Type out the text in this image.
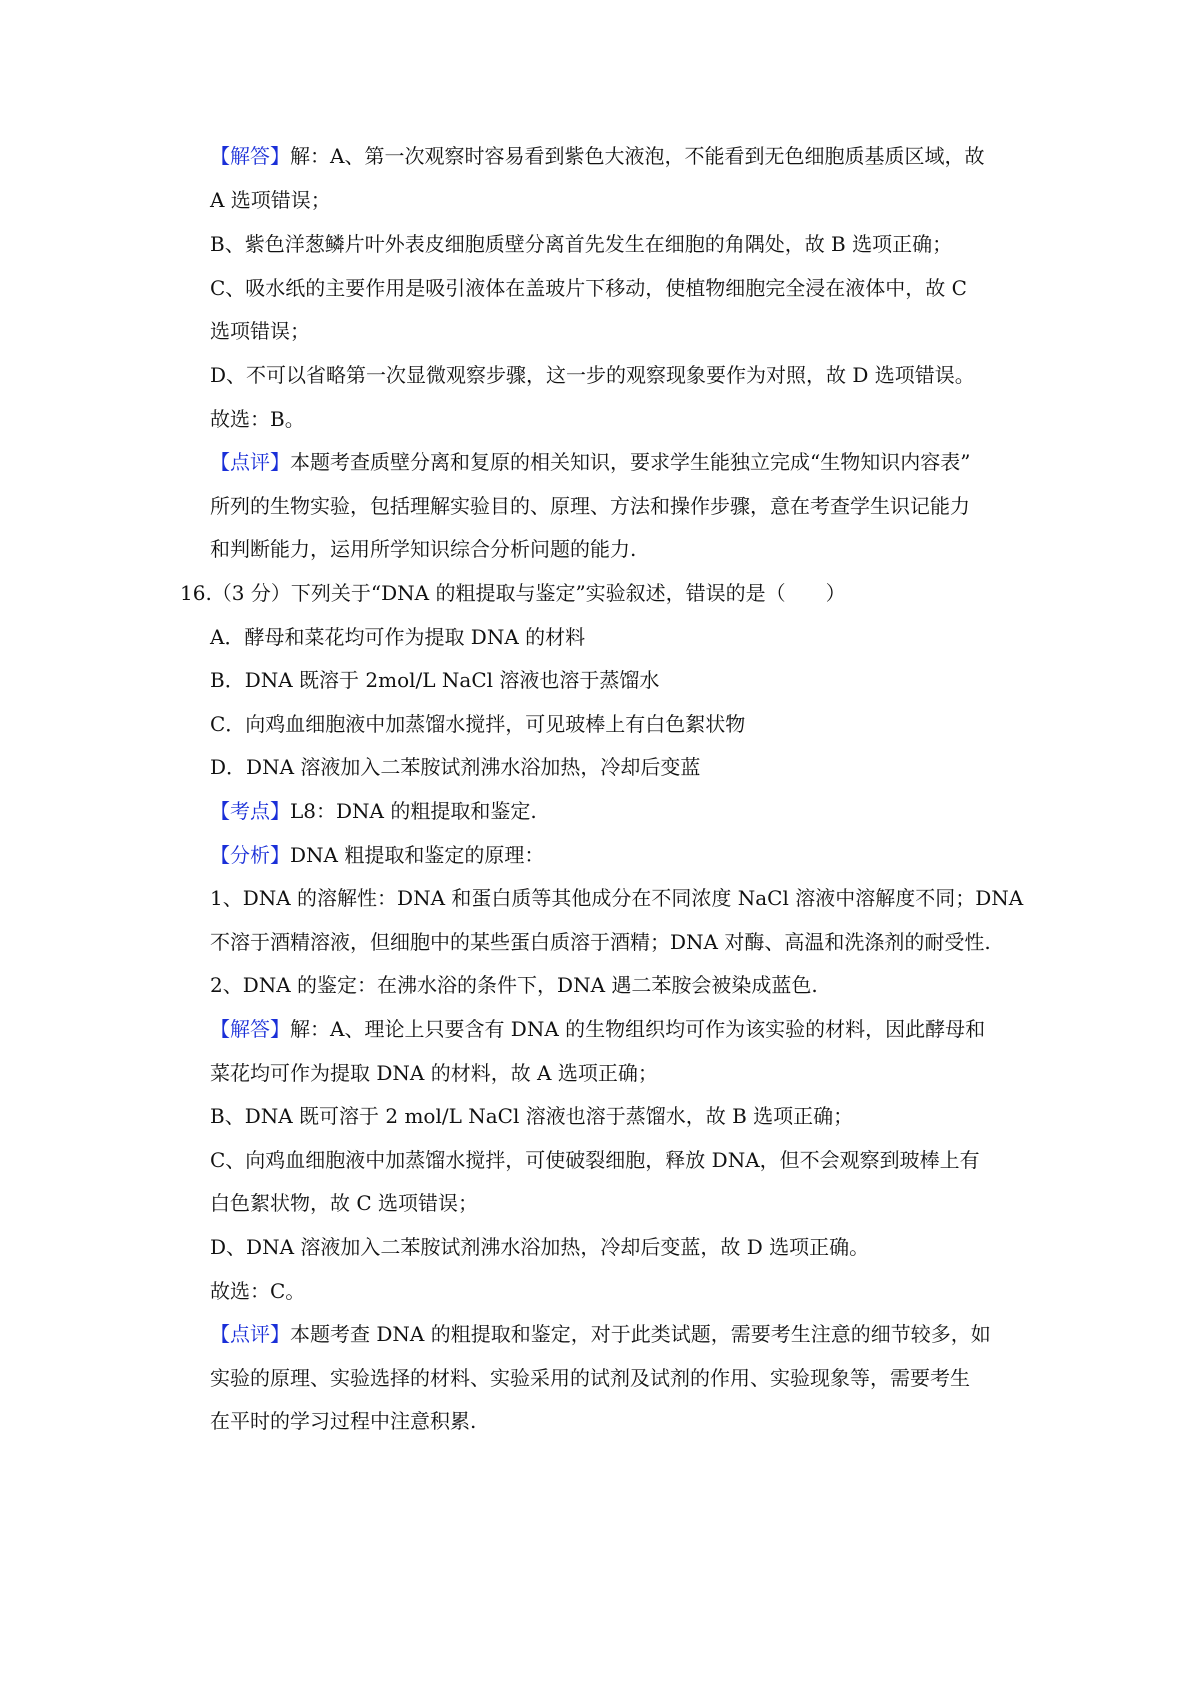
【解答】解：A、第一次观察时容易看到紫色大液泡，不能看到无色细胞质基质区域，故
A 选项错误；
B、紫色洋葱鳞片叶外表皮细胞质壁分离首先发生在细胞的角隅处，故 B 选项正确；
C、吸水纸的主要作用是吸引液体在盖玻片下移动，使植物细胞完全浸在液体中，故 C
选项错误；
D、不可以省略第一次显微观察步骤，这一步的观察现象要作为对照，故 D 选项错误。
故选：B。
【点评】本题考查质壁分离和复原的相关知识，要求学生能独立完成“生物知识内容表”
所列的生物实验，包括理解实验目的、原理、方法和操作步骤，意在考查学生识记能力
和判断能力，运用所学知识综合分析问题的能力.
16.（3 分）下列关于“DNA 的粗提取与鉴定”实验叙述，错误的是（　　）
A．酵母和菜花均可作为提取 DNA 的材料
B．DNA 既溶于 2mol/L NaCl 溶液也溶于蒸馏水
C．向鸡血细胞液中加蒸馏水搅拌，可见玻棒上有白色絮状物
D．DNA 溶液加入二苯胺试剂沸水浴加热，冷却后变蓝
【考点】L8：DNA 的粗提取和鉴定.
【分析】DNA 粗提取和鉴定的原理：
1、DNA 的溶解性：DNA 和蛋白质等其他成分在不同浓度 NaCl 溶液中溶解度不同；DNA
不溶于酒精溶液，但细胞中的某些蛋白质溶于酒精；DNA 对酶、高温和洗涤剂的耐受性.
2、DNA 的鉴定：在沸水浴的条件下，DNA 遇二苯胺会被染成蓝色.
【解答】解：A、理论上只要含有 DNA 的生物组织均可作为该实验的材料，因此酵母和
菜花均可作为提取 DNA 的材料，故 A 选项正确；
B、DNA 既可溶于 2 mol/L NaCl 溶液也溶于蒸馏水，故 B 选项正确；
C、向鸡血细胞液中加蒸馏水搅拌，可使破裂细胞，释放 DNA，但不会观察到玻棒上有
白色絮状物，故 C 选项错误；
D、DNA 溶液加入二苯胺试剂沸水浴加热，冷却后变蓝，故 D 选项正确。
故选：C。
【点评】本题考查 DNA 的粗提取和鉴定，对于此类试题，需要考生注意的细节较多，如
实验的原理、实验选择的材料、实验采用的试剂及试剂的作用、实验现象等，需要考生
在平时的学习过程中注意积累.
